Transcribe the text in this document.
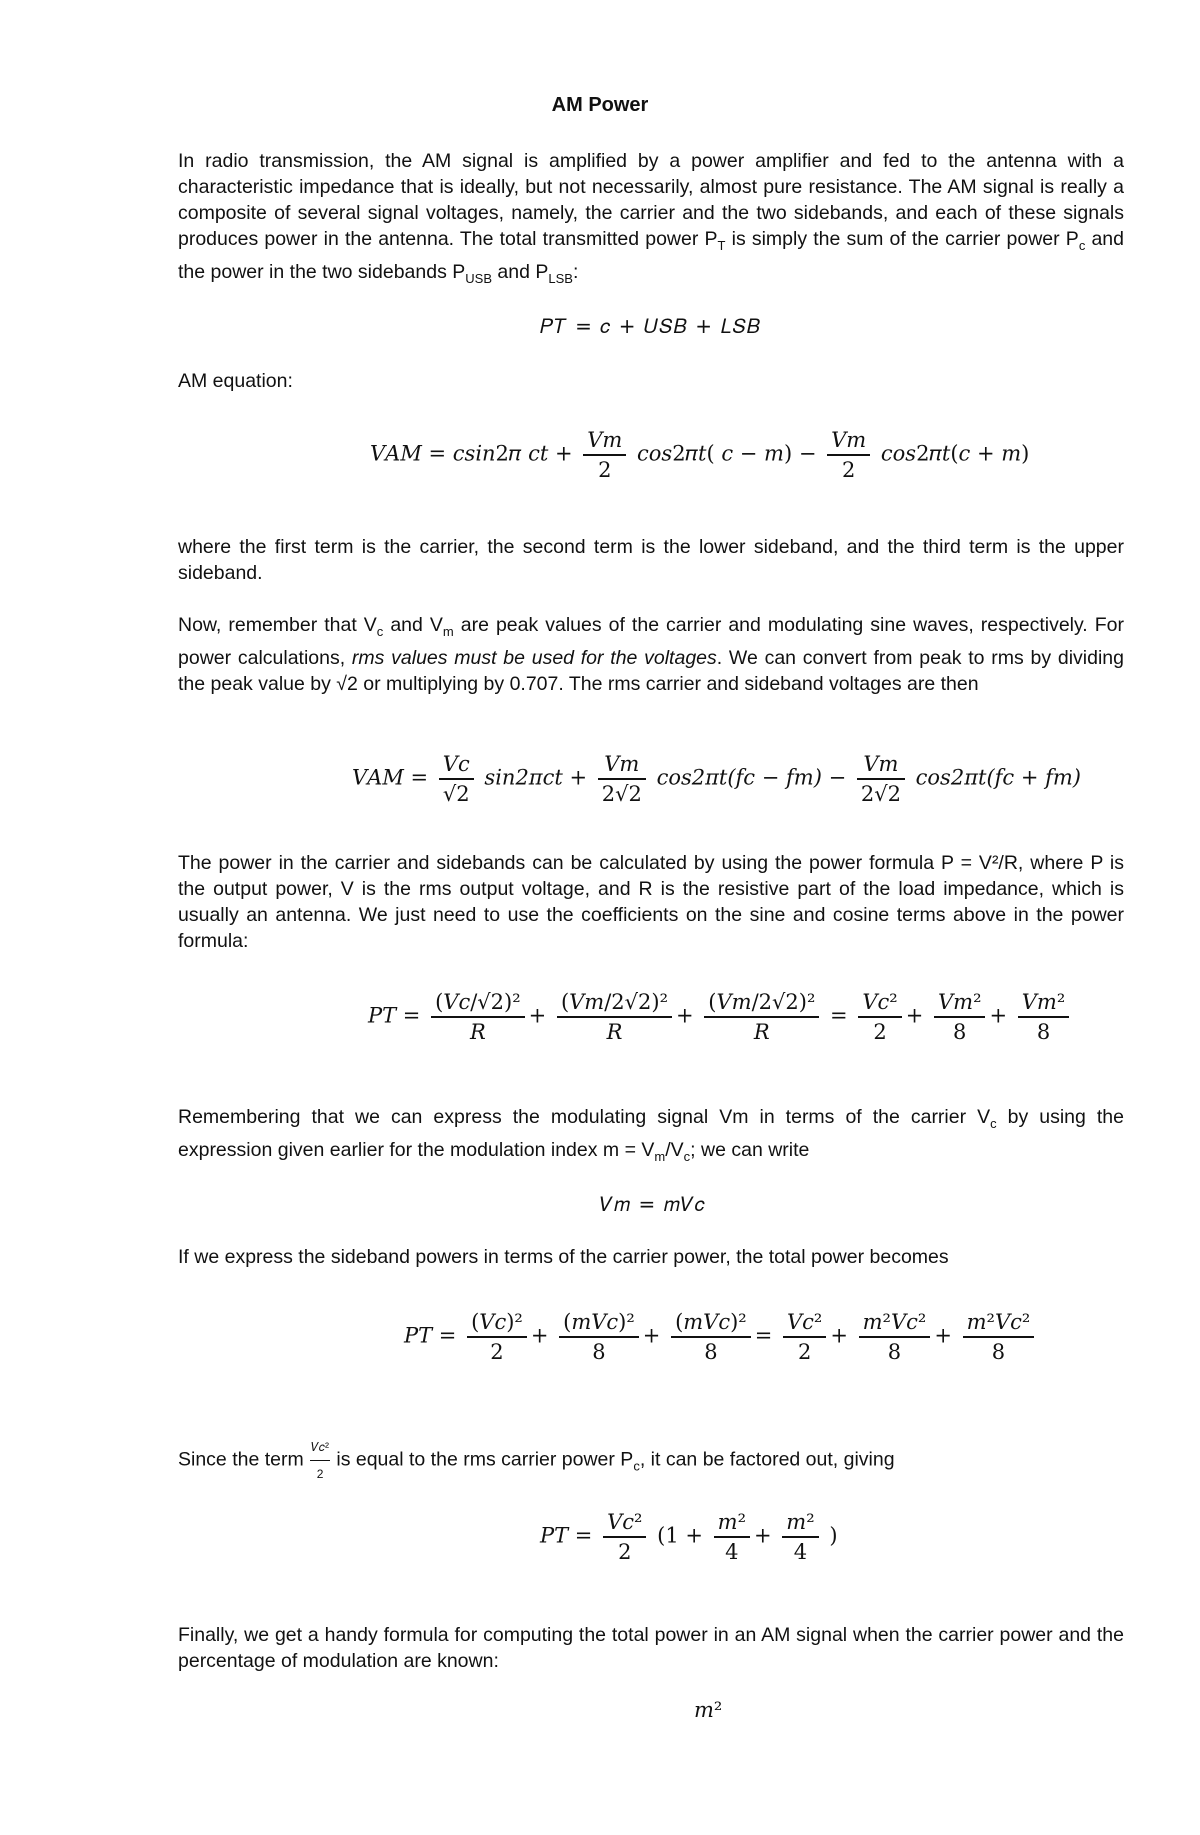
AM Power

In radio transmission, the AM signal is amplified by a power amplifier and fed to the antenna with a characteristic impedance that is ideally, but not necessarily, almost pure resistance. The AM signal is really a composite of several signal voltages, namely, the carrier and the two sidebands, and each of these signals produces power in the antenna. The total transmitted power $P_T$ is simply the sum of the carrier power $P_c$ and the power in the two sidebands $P_{USB}$ and $P_{LSB}$:

𝑃𝑇 = 𝑐 + 𝑈𝑆𝐵 + 𝐿𝑆𝐵
AM equation:
𝑉𝐴𝑀 = 𝑐𝑠𝑖𝑛2𝜋 𝑐𝑡 + $\frac{\text{𝑉𝑚}}{2}$ 𝑐𝑜𝑠2𝜋𝑡( 𝑐 − 𝑚) − $\frac{\text{𝑉𝑚}}{2}$ 𝑐𝑜𝑠2𝜋𝑡(𝑐 + 𝑚)
where the first term is the carrier, the second term is the lower sideband, and the third term is the upper sideband.

Now, remember that $V_c$ and $V_m$ are peak values of the carrier and modulating sine waves, respectively. For power calculations, rms values must be used for the voltages. We can convert from peak to rms by dividing the peak value by √2 or multiplying by 0.707. The rms carrier and sideband voltages are then

𝑉𝐴𝑀 = $\frac{\text{𝑉𝑐}}{√2}$ 𝑠𝑖𝑛2𝜋𝑐𝑡 + $\frac{\text{𝑉𝑚}}{2√2}$ 𝑐𝑜𝑠2𝜋𝑡(𝑓𝑐 − 𝑓𝑚) − $\frac{\text{𝑉𝑚}}{2√2}$ 𝑐𝑜𝑠2𝜋𝑡(𝑓𝑐 + 𝑓𝑚)
The power in the carrier and sidebands can be calculated by using the power formula P = V²/R, where P is the output power, V is the rms output voltage, and R is the resistive part of the load impedance, which is usually an antenna. We just need to use the coefficients on the sine and cosine terms above in the power formula:
𝑃𝑇 = $\frac{\text{(𝑉𝑐/√2)²}}{\text{𝑅}} + \frac{\text{(𝑉𝑚/2√2)²}}{\text{𝑅}} + \frac{\text{(𝑉𝑚/2√2)²}}{\text{𝑅}} = \frac{\text{𝑉𝑐²}}{2} + \frac{\text{𝑉𝑚²}}{8} + \frac{\text{𝑉𝑚²}}{8}$

Remembering that we can express the modulating signal Vm in terms of the carrier $V_c$ by using the expression given earlier for the modulation index $m = V_m/V_c$; we can write

𝑉𝑚 = 𝑚𝑉𝑐
If we express the sideband powers in terms of the carrier power, the total power becomes
𝑃𝑇 = $\frac{\text{(𝑉𝑐)²}}{2} + \frac{\text{(𝑚𝑉𝑐)²}}{8} + \frac{\text{(𝑚𝑉𝑐)²}}{8} = \frac{\text{𝑉𝑐²}}{2} + \frac{\text{𝑚²𝑉𝑐²}}{8} + \frac{\text{𝑚²𝑉𝑐²}}{8}$

Since the term $\frac{\text{𝑉𝑐²}}{2}$ is equal to the rms carrier power $P_c$, it can be factored out, giving

𝑃𝑇 = $\frac{\text{𝑉𝑐²}}{2} (1 + \frac{\text{𝑚²}}{4} + \frac{\text{𝑚²}}{4}$ )
Finally, we get a handy formula for computing the total power in an AM signal when the carrier power and the percentage of modulation are known:
𝑚²
